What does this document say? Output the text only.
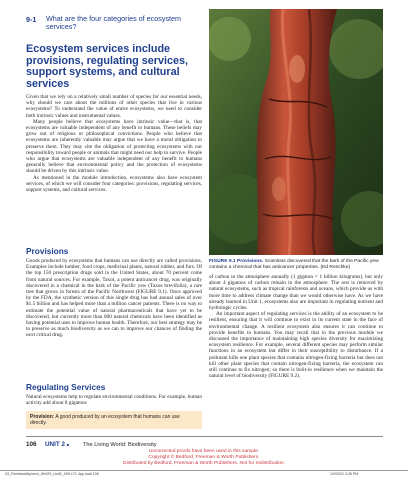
9-1 What are the four categories of ecosystem services?
Ecosystem services include provisions, regulating services, support systems, and cultural services

Given that we rely on a relatively small number of species for our essential needs, why should we care about the millions of other species that live in various ecosystems? To understand the value of entire ecosystems, we need to consider both intrinsic values and instrumental values.

Many people believe that ecosystems have intrinsic value—that is, that ecosystems are valuable independent of any benefit to humans. These beliefs may grow out of religious or philosophical convictions. People who believe that ecosystems are inherently valuable may argue that we have a moral obligation to preserve them. They may cite the obligation of protecting ecosystems with our responsibility toward people or animals that might need our help to survive. People who argue that ecosystems are valuable independent of any benefit to humans generally believe that environmental policy and the protection of ecosystems should be driven by this intrinsic value.

As mentioned in the module introduction, ecosystems also have ecosystem services, of which we will consider four categories: provisions, regulating services, support systems, and cultural services.

Provisions
Goods produced by ecosystems that humans can use directly are called provisions. Examples include lumber, food crops, medicinal plants, natural rubber, and furs. Of the top 150 prescription drugs sold in the United States, about 70 percent come from natural sources. For example, Taxol, a potent anticancer drug, was originally discovered in a chemical in the bark of the Pacific yew (Taxus brevifolia), a rare tree that grows in forests of the Pacific Northwest (FIGURE 9.1). Once approved by the FDA, the synthetic version of this single drug has had annual sales of over $1.5 billion and has helped more than a million cancer patients. There is no way to estimate the potential value of natural pharmaceuticals that have yet to be discovered, but currently more than 800 natural chemicals have been identified as having potential uses to improve human health. Therefore, our best strategy may be to preserve as much biodiversity as we can to improve our chances of finding the next critical drug.
Regulating Services
Natural ecosystems help to regulate environmental conditions. For example, human activity add about 8 gigatons
Provision: A good produced by an ecosystem that humans can use directly.
FIGURE 9.1 Provisions. Scientists discovered that the bark of the Pacific yew contains a chemical that has anticancer properties. (Ed Reschke)

of carbon to the atmosphere annually (1 gigaton = 1 billion kilograms), but only about 4 gigatons of carbon remain in the atmosphere. The rest is removed by natural ecosystems, such as tropical rainforests and oceans, which provide us with more time to address climate change than we would otherwise have. As we have already learned in Unit 1, ecosystems also are important in regulating nutrient and hydrologic cycles.

An important aspect of regulating services is the ability of an ecosystem to be resilient, ensuring that it will continue to exist in its current state in the face of environmental change. A resilient ecosystem also ensures it can continue to provide benefits to humans. You may recall that in the previous module we discussed the importance of maintaining high species diversity for maximizing ecosystem resilience. For example, several different species may perform similar functions in an ecosystem but differ in their susceptibility to disturbance. If a pollutant kills one plant species that contains nitrogen-fixing bacteria but does not kill other plant species that contain nitrogen-fixing bacteria, the ecosystem can still continue to fix nitrogen; so there is built-in resilience when we maintain the natural level of biodiversity (FIGURE 9.2).

106 UNIT 2 ■ The Living World: Biodiversity
Uncorrected proofs have been used in this sample.
Copyright © Bedford, Freeman & Worth Publishers.
Distributed by Bedford, Freeman & Worth Publishers. Not for redistribution.
03_FriedlandAlp/envi_Hh029_Unit2_099-171 4pp.indd 106	10/03/21 3:26 PM
